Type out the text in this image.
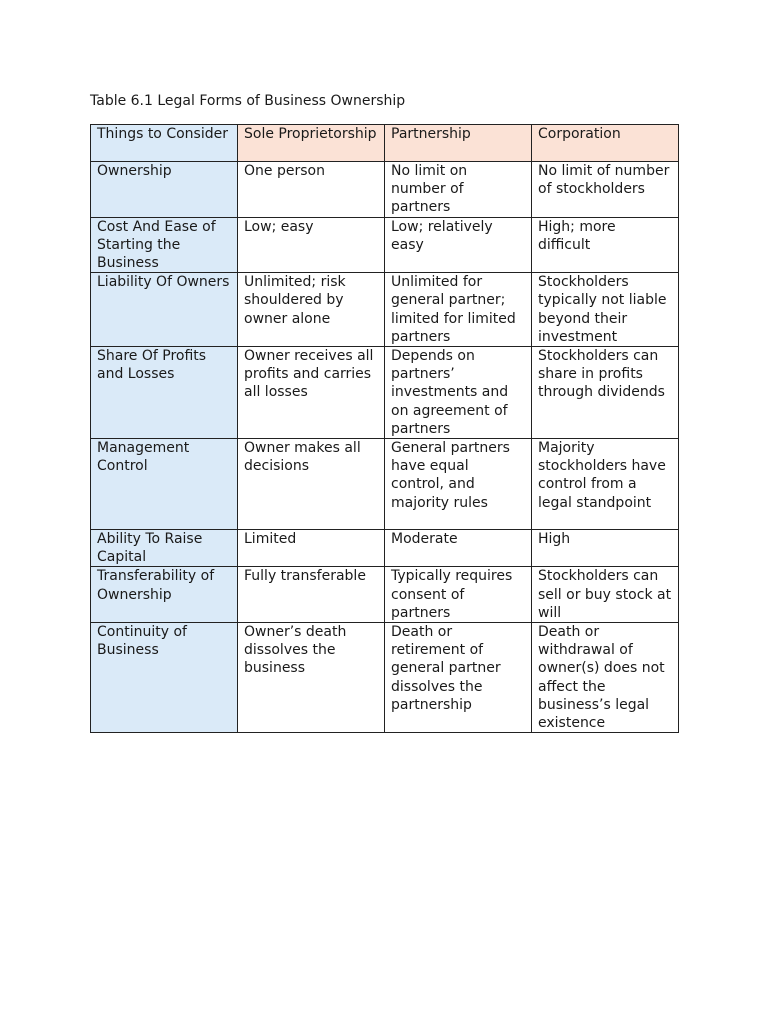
Table 6.1 Legal Forms of Business Ownership

Things to Consider	Sole Proprietorship	Partnership	Corporation
Ownership	One person	No limit on number of partners	No limit of number of stockholders
Cost And Ease of Starting the Business	Low; easy	Low; relatively easy	High; more difficult
Liability Of Owners	Unlimited; risk shouldered by owner alone	Unlimited for general partner; limited for limited partners	Stockholders typically not liable beyond their investment
Share Of Profits and Losses	Owner receives all profits and carries all losses	Depends on partners’ investments and on agreement of partners	Stockholders can share in profits through dividends
Management Control	Owner makes all decisions	General partners have equal control, and majority rules	Majority stockholders have control from a legal standpoint
Ability To Raise Capital	Limited	Moderate	High
Transferability of Ownership	Fully transferable	Typically requires consent of partners	Stockholders can sell or buy stock at will
Continuity of Business	Owner’s death dissolves the business	Death or retirement of general partner dissolves the partnership	Death or withdrawal of owner(s) does not affect the business’s legal existence
